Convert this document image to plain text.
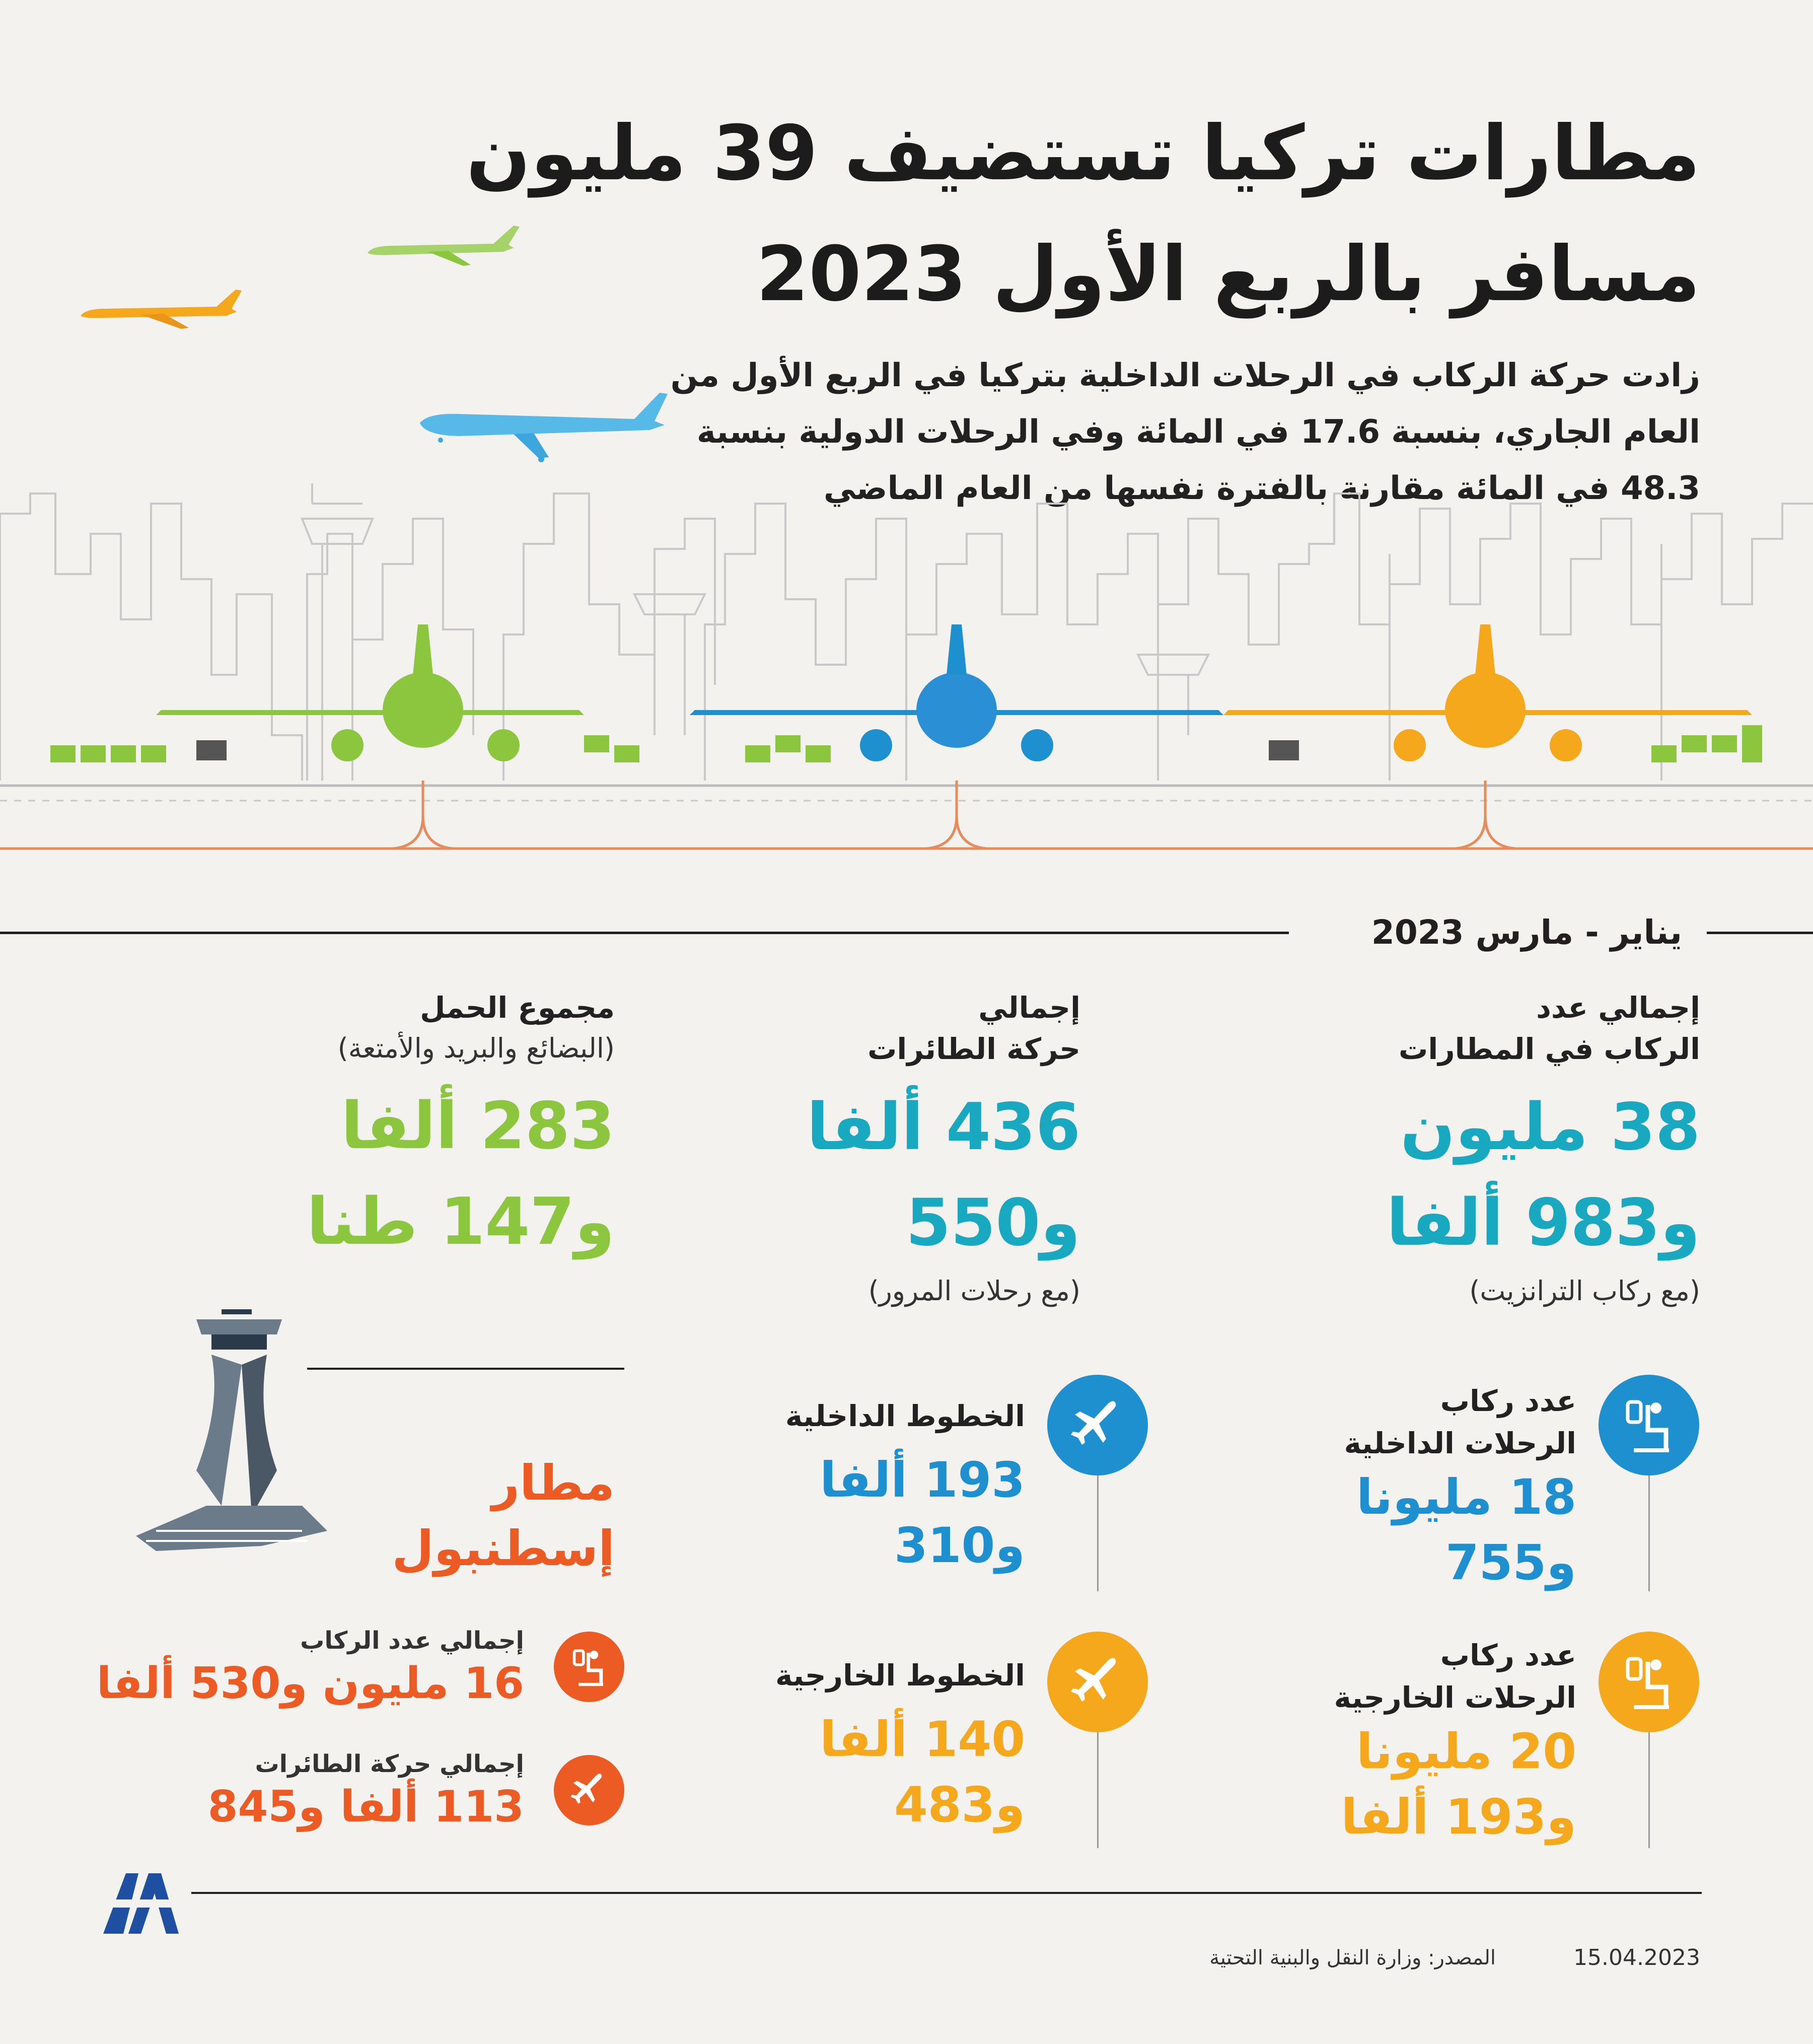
مطارات تركيا تستضيف 39 مليون
مسافر بالربع الأول 2023
زادت حركة الركاب في الرحلات الداخلية بتركيا في الربع الأول من
العام الجاري، بنسبة 17.6 في المائة وفي الرحلات الدولية بنسبة
48.3 في المائة مقارنة بالفترة نفسها من العام الماضي
يناير - مارس 2023
إجمالي عدد
الركاب في المطارات
38 مليون
و983 ألفا
(مع ركاب الترانزيت)
إجمالي
حركة الطائرات
436 ألفا
و550
(مع رحلات المرور)
مجموع الحمل
(البضائع والبريد والأمتعة)
283 ألفا
و147 طنا
عدد ركاب
الرحلات الداخلية
18 مليونا
و755
عدد ركاب
الرحلات الخارجية
20 مليونا
و193 ألفا
الخطوط الداخلية
193 ألفا
و310
الخطوط الخارجية
140 ألفا
و483
مطار
إسطنبول
إجمالي عدد الركاب
16 مليون و530 ألفا
إجمالي حركة الطائرات
113 ألفا و845
المصدر: وزارة النقل والبنية التحتية	15.04.2023
